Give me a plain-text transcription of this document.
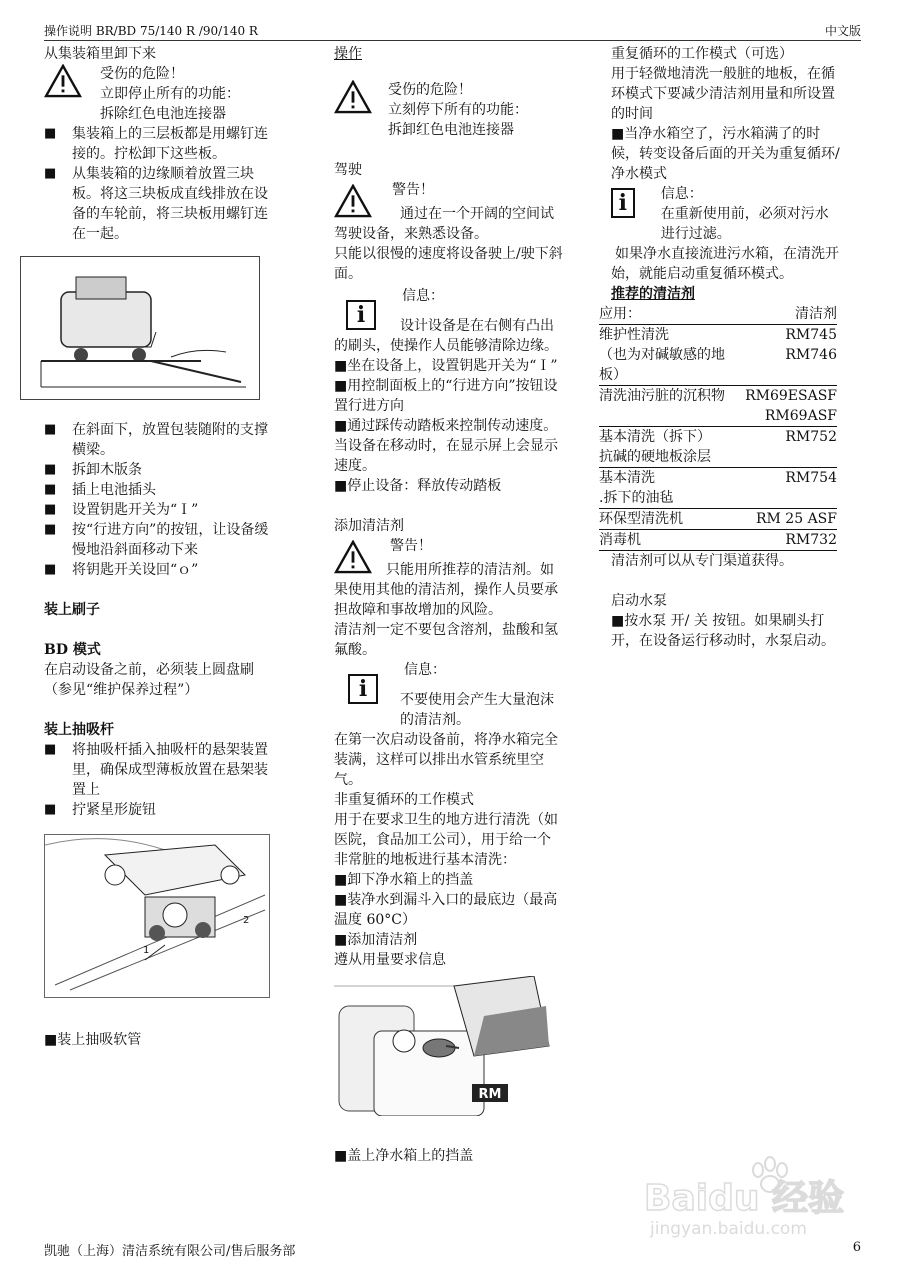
操作说明 BR/BD 75/140 R /90/140 R	中文版

从集装箱里卸下来

受伤的危险！

立即停止所有的功能：

拆除红色电池连接器

■ 集装箱上的三层板都是用螺钉连接的。拧松卸下这些板。

■ 从集装箱的边缘顺着放置三块板。将这三块板成直线排放在设备的车轮前，将三块板用螺钉连在一起。

■ 在斜面下，放置包装随附的支撑横梁。

■ 拆卸木版条

■ 插上电池插头

■ 设置钥匙开关为“Ｉ”

■ 按“行进方向”的按钮，让设备缓慢地沿斜面移动下来

■ 将钥匙开关设回“ｏ”

装上刷子

BD 模式

在启动设备之前，必须装上圆盘刷（参见“维护保养过程”）

装上抽吸杆

■ 将抽吸杆插入抽吸杆的悬架装置里，确保成型薄板放置在悬架装置上

■ 拧紧星形旋钮

1
2

■装上抽吸软管

操作

受伤的危险！

立刻停下所有的功能：

拆卸红色电池连接器

驾驶

警告！

通过在一个开阔的空间试驾驶设备，来熟悉设备。

只能以很慢的速度将设备驶上/驶下斜面。

i

信息：

设计设备是在右侧有凸出的刷头，使操作人员能够清除边缘。

■坐在设备上，设置钥匙开关为“Ｉ”

■用控制面板上的“行进方向”按钮设置行进方向

■通过踩传动踏板来控制传动速度。当设备在移动时，在显示屏上会显示速度。

■停止设备：释放传动踏板

添加清洁剂

警告！

只能用所推荐的清洁剂。如果使用其他的清洁剂，操作人员要承担故障和事故增加的风险。

清洁剂一定不要包含溶剂，盐酸和氢氟酸。

i

信息：

不要使用会产生大量泡沫的清洁剂。

在第一次启动设备前，将净水箱完全装满，这样可以排出水管系统里空气。

非重复循环的工作模式

用于在要求卫生的地方进行清洗（如医院，食品加工公司），用于给一个非常脏的地板进行基本清洗：

■卸下净水箱上的挡盖

■装净水到漏斗入口的最底边（最高温度 60°C）

■添加清洁剂

遵从用量要求信息

RM

■盖上净水箱上的挡盖

重复循环的工作模式（可选）

用于轻微地清洗一般脏的地板，在循环模式下要减少清洁剂用量和所设置的时间

■当净水箱空了，污水箱满了的时候，转变设备后面的开关为重复循环/ 净水模式

i	信息：

在重新使用前，必须对污水进行过滤。

如果净水直接流进污水箱，在清洗开始，就能启动重复循环模式。

推荐的清洁剂

应用：	清洁剂
维护性清洗	RM745
（也为对碱敏感的地板）	RM746
清洗油污脏的沉积物	RM69ESASF
	RM69ASF
基本清洗（拆下）	RM752
抗碱的硬地板涂层	
基本清洗	RM754
.拆下的油毡	
环保型清洗机	RM 25 ASF
消毒机	RM732

清洁剂可以从专门渠道获得。

启动水泵

■按水泵 开/ 关 按钮。如果刷头打开，在设备运行移动时，水泵启动。

Baidu 经验
jingyan.baidu.com
凯驰（上海）清洁系统有限公司/售后服务部	6
